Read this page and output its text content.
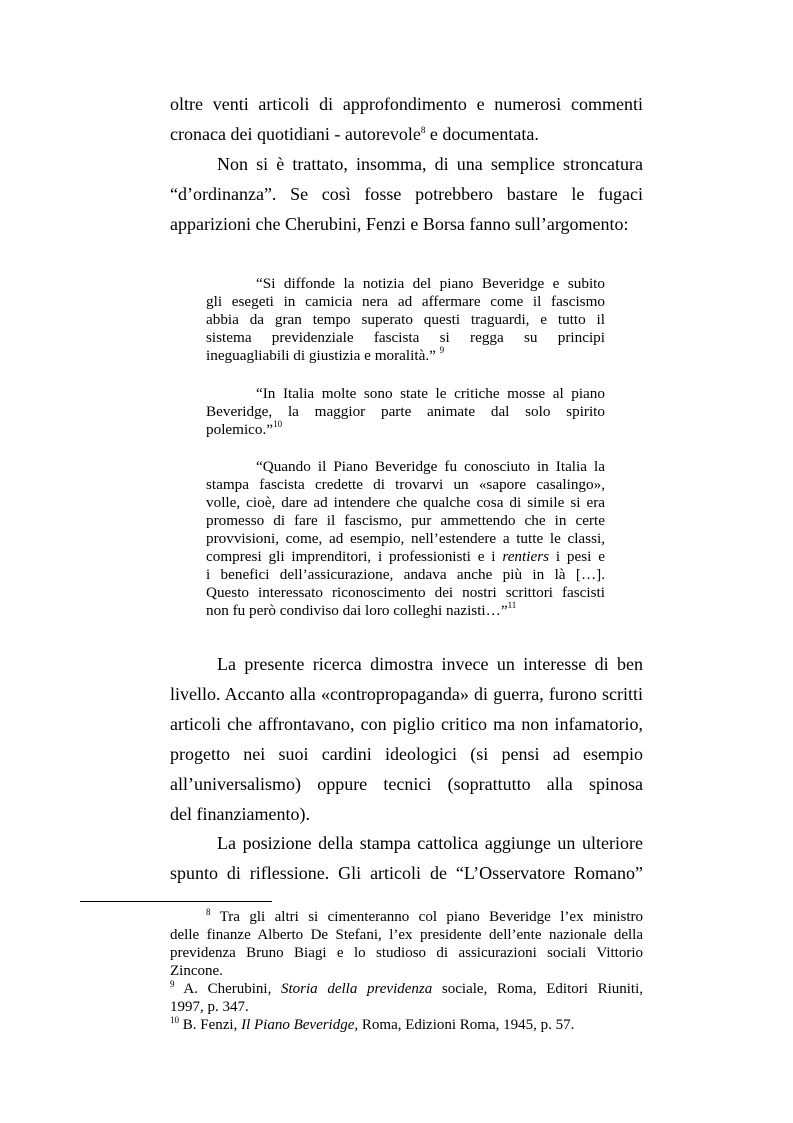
oltre venti articoli di approfondimento e numerosi commenti
cronaca dei quotidiani - autorevole$^8$ e documentata.
Non si è trattato, insomma, di una semplice stroncatura
“d’ordinanza”. Se così fosse potrebbero bastare le fugaci
apparizioni che Cherubini, Fenzi e Borsa fanno sull’argomento:
“Si diffonde la notizia del piano Beveridge e subito
gli esegeti in camicia nera ad affermare come il fascismo
abbia da gran tempo superato questi traguardi, e tutto il
sistema previdenziale fascista si regga su principi
ineguagliabili di giustizia e moralità.” $^9$
“In Italia molte sono state le critiche mosse al piano
Beveridge, la maggior parte animate dal solo spirito
polemico.”$^{10}$
“Quando il Piano Beveridge fu conosciuto in Italia la
stampa fascista credette di trovarvi un «sapore casalingo»,
volle, cioè, dare ad intendere che qualche cosa di simile si era
promesso di fare il fascismo, pur ammettendo che in certe
provvisioni, come, ad esempio, nell’estendere a tutte le classi,
compresi gli imprenditori, i professionisti e i rentiers i pesi e
i benefici dell’assicurazione, andava anche più in là […].
Questo interessato riconoscimento dei nostri scrittori fascisti
non fu però condiviso dai loro colleghi nazisti…”$^{11}$
La presente ricerca dimostra invece un interesse di ben
livello. Accanto alla «contropropaganda» di guerra, furono scritti
articoli che affrontavano, con piglio critico ma non infamatorio,
progetto nei suoi cardini ideologici (si pensi ad esempio
all’universalismo) oppure tecnici (soprattutto alla spinosa
del finanziamento).
La posizione della stampa cattolica aggiunge un ulteriore
spunto di riflessione. Gli articoli de “L’Osservatore Romano”
$^8$ Tra gli altri si cimenteranno col piano Beveridge l’ex ministro
delle finanze Alberto De Stefani, l’ex presidente dell’ente nazionale della
previdenza Bruno Biagi e lo studioso di assicurazioni sociali Vittorio
Zincone.
$^9$ A. Cherubini, Storia della previdenza sociale, Roma, Editori Riuniti,
1997, p. 347.
$^{10}$ B. Fenzi, Il Piano Beveridge, Roma, Edizioni Roma, 1945, p. 57.
